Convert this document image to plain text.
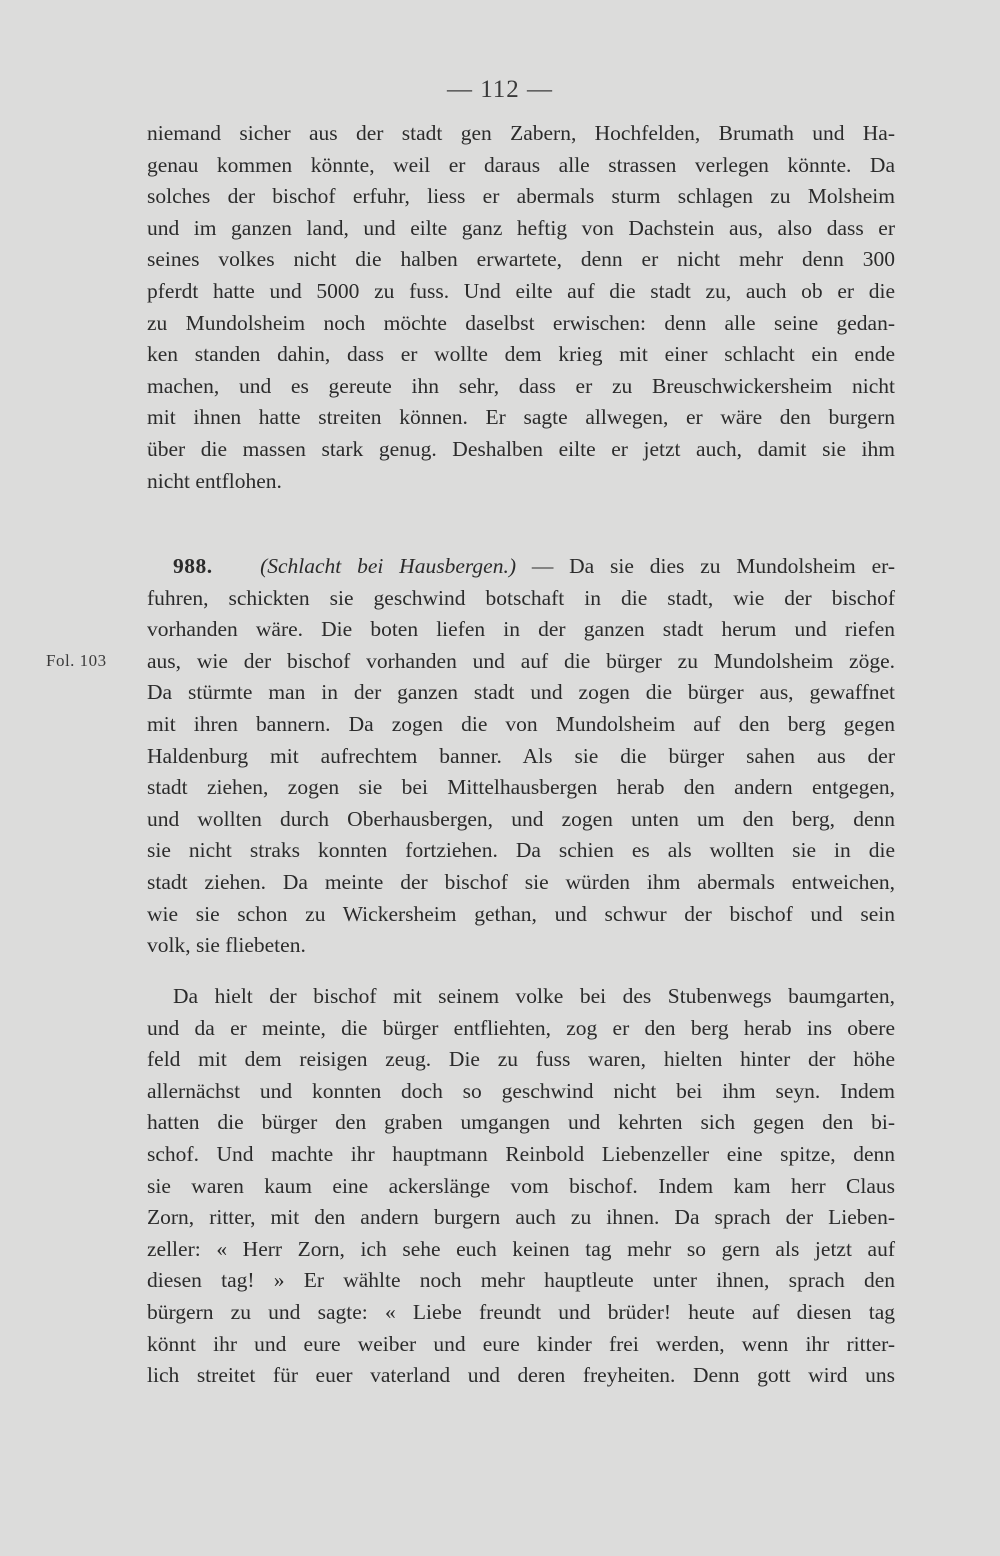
— 112 —
Fol. 103
niemand sicher aus der stadt gen Zabern, Hochfelden, Brumath und Ha-
genau kommen könnte, weil er daraus alle strassen verlegen könnte. Da
solches der bischof erfuhr, liess er abermals sturm schlagen zu Molsheim
und im ganzen land, und eilte ganz heftig von Dachstein aus, also dass er
seines volkes nicht die halben erwartete, denn er nicht mehr denn 300
pferdt hatte und 5000 zu fuss. Und eilte auf die stadt zu, auch ob er die
zu Mundolsheim noch möchte daselbst erwischen: denn alle seine gedan-
ken standen dahin, dass er wollte dem krieg mit einer schlacht ein ende
machen, und es gereute ihn sehr, dass er zu Breuschwickersheim nicht
mit ihnen hatte streiten können. Er sagte allwegen, er wäre den burgern
über die massen stark genug. Deshalben eilte er jetzt auch, damit sie ihm
nicht entflohen.
988. (Schlacht bei Hausbergen.) — Da sie dies zu Mundolsheim er-
fuhren, schickten sie geschwind botschaft in die stadt, wie der bischof
vorhanden wäre. Die boten liefen in der ganzen stadt herum und riefen
aus, wie der bischof vorhanden und auf die bürger zu Mundolsheim zöge.
Da stürmte man in der ganzen stadt und zogen die bürger aus, gewaffnet
mit ihren bannern. Da zogen die von Mundolsheim auf den berg gegen
Haldenburg mit aufrechtem banner. Als sie die bürger sahen aus der
stadt ziehen, zogen sie bei Mittelhausbergen herab den andern entgegen,
und wollten durch Oberhausbergen, und zogen unten um den berg, denn
sie nicht straks konnten fortziehen. Da schien es als wollten sie in die
stadt ziehen. Da meinte der bischof sie würden ihm abermals entweichen,
wie sie schon zu Wickersheim gethan, und schwur der bischof und sein
volk, sie fliebeten.
Da hielt der bischof mit seinem volke bei des Stubenwegs baumgarten,
und da er meinte, die bürger entfliehten, zog er den berg herab ins obere
feld mit dem reisigen zeug. Die zu fuss waren, hielten hinter der höhe
allernächst und konnten doch so geschwind nicht bei ihm seyn. Indem
hatten die bürger den graben umgangen und kehrten sich gegen den bi-
schof. Und machte ihr hauptmann Reinbold Liebenzeller eine spitze, denn
sie waren kaum eine ackerslänge vom bischof. Indem kam herr Claus
Zorn, ritter, mit den andern burgern auch zu ihnen. Da sprach der Lieben-
zeller: « Herr Zorn, ich sehe euch keinen tag mehr so gern als jetzt auf
diesen tag! » Er wählte noch mehr hauptleute unter ihnen, sprach den
bürgern zu und sagte: « Liebe freundt und brüder! heute auf diesen tag
könnt ihr und eure weiber und eure kinder frei werden, wenn ihr ritter-
lich streitet für euer vaterland und deren freyheiten. Denn gott wird uns
